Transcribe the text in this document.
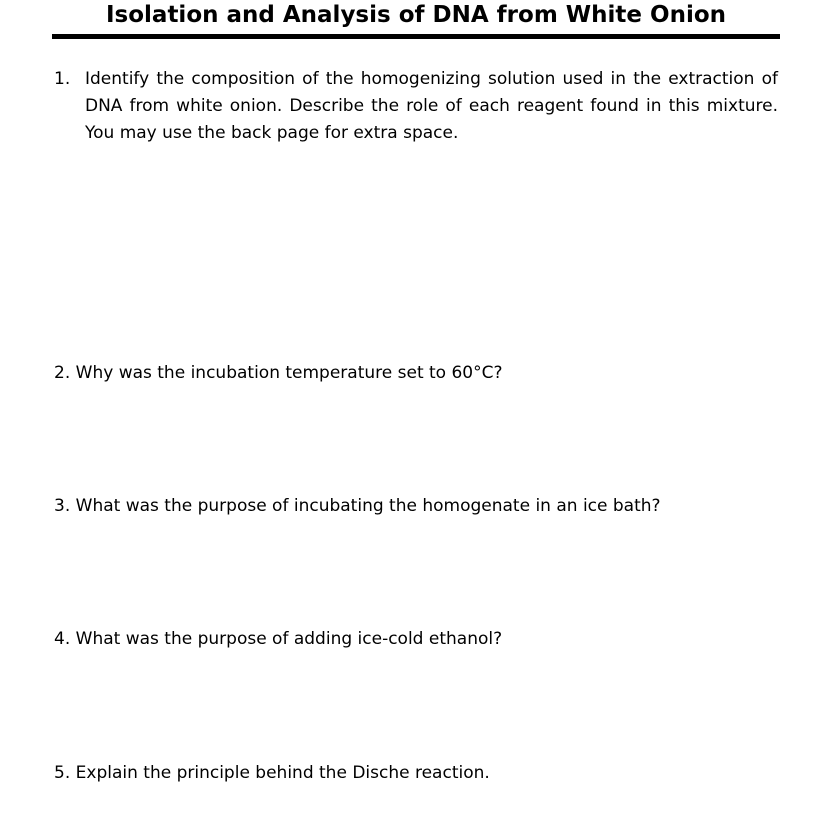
Isolation and Analysis of DNA from White Onion
1. Identify the composition of the homogenizing solution used in the extraction of DNA from white onion. Describe the role of each reagent found in this mixture. You may use the back page for extra space.
2. Why was the incubation temperature set to 60°C?
3. What was the purpose of incubating the homogenate in an ice bath?
4. What was the purpose of adding ice-cold ethanol?
5. Explain the principle behind the Dische reaction.
